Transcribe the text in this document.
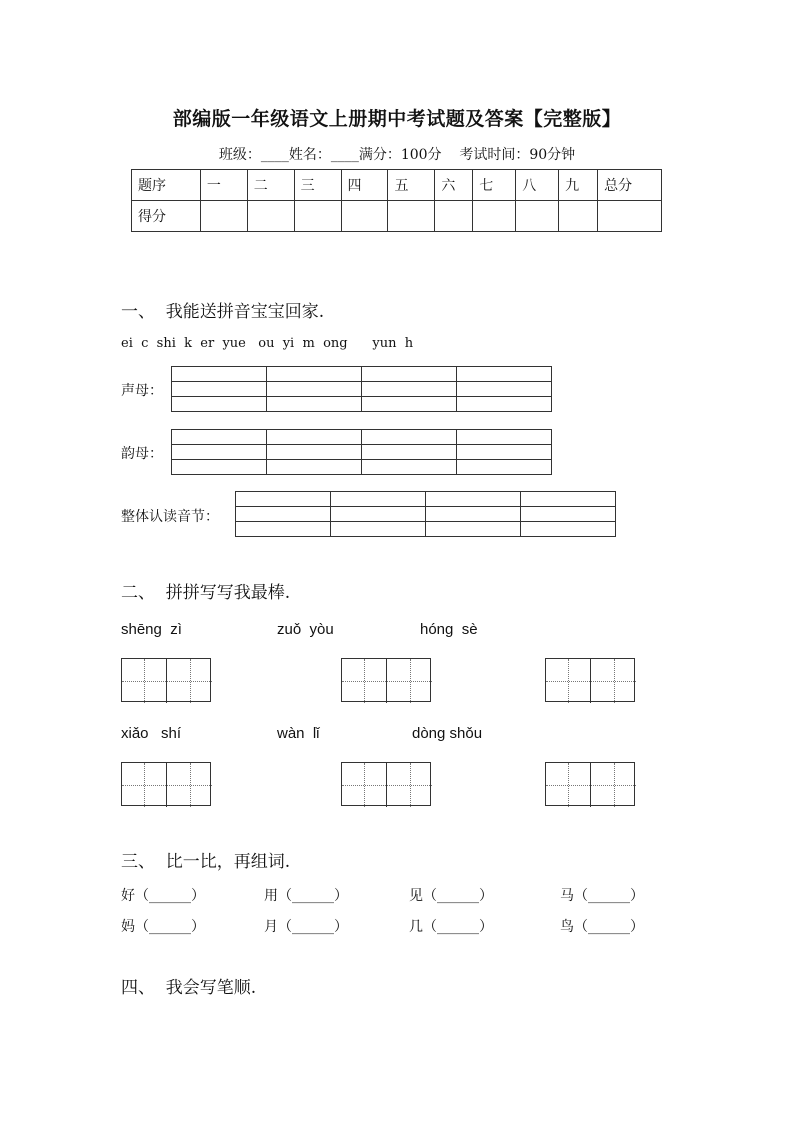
部编版一年级语文上册期中考试题及答案【完整版】
班级：____姓名：____满分：100分    考试时间：90分钟
题序	一	二	三	四	五	六	七	八	九	总分
得分										
一、  我能送拼音宝宝回家.
ei  c  shi  k  er  yue   ou  yi  m  ong      yun  h
声母：

韵母：

整体认读音节：

二、  拼拼写写我最棒.
shēng  zì	zuǒ  yòu	hóng  sè
xiǎo   shí	wàn  lǐ	dòng shǒu
三、  比一比，再组词.
好（______）	用（______）	见（______）	马（______）
妈（______）	月（______）	几（______）	鸟（______）
四、  我会写笔顺.
